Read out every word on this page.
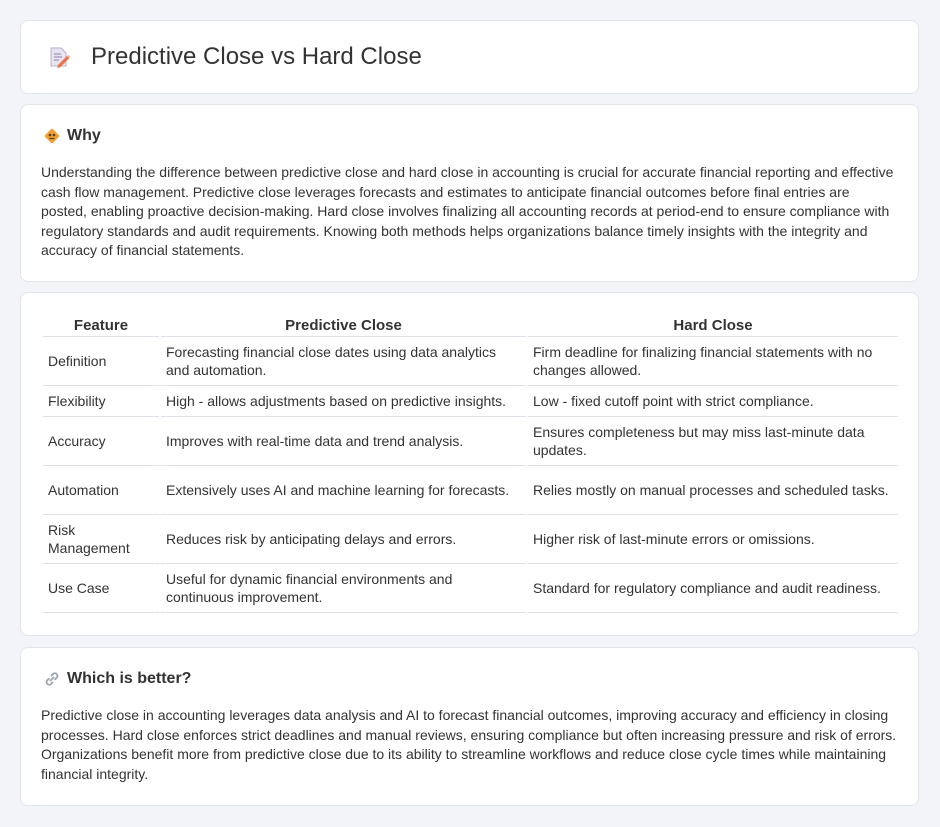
Predictive Close vs Hard Close
Why

Understanding the difference between predictive close and hard close in accounting is crucial for accurate financial reporting and effective cash flow management. Predictive close leverages forecasts and estimates to anticipate financial outcomes before final entries are posted, enabling proactive decision-making. Hard close involves finalizing all accounting records at period-end to ensure compliance with regulatory standards and audit requirements. Knowing both methods helps organizations balance timely insights with the integrity and accuracy of financial statements.

Feature	Predictive Close	Hard Close
Definition	Forecasting financial close dates using data analytics and automation.	Firm deadline for finalizing financial statements with no changes allowed.
Flexibility	High - allows adjustments based on predictive insights.	Low - fixed cutoff point with strict compliance.
Accuracy	Improves with real-time data and trend analysis.	Ensures completeness but may miss last-minute data updates.
Automation	Extensively uses AI and machine learning for forecasts.	Relies mostly on manual processes and scheduled tasks.
Risk Management	Reduces risk by anticipating delays and errors.	Higher risk of last-minute errors or omissions.
Use Case	Useful for dynamic financial environments and continuous improvement.	Standard for regulatory compliance and audit readiness.
Which is better?

Predictive close in accounting leverages data analysis and AI to forecast financial outcomes, improving accuracy and efficiency in closing processes. Hard close enforces strict deadlines and manual reviews, ensuring compliance but often increasing pressure and risk of errors. Organizations benefit more from predictive close due to its ability to streamline workflows and reduce close cycle times while maintaining financial integrity.
